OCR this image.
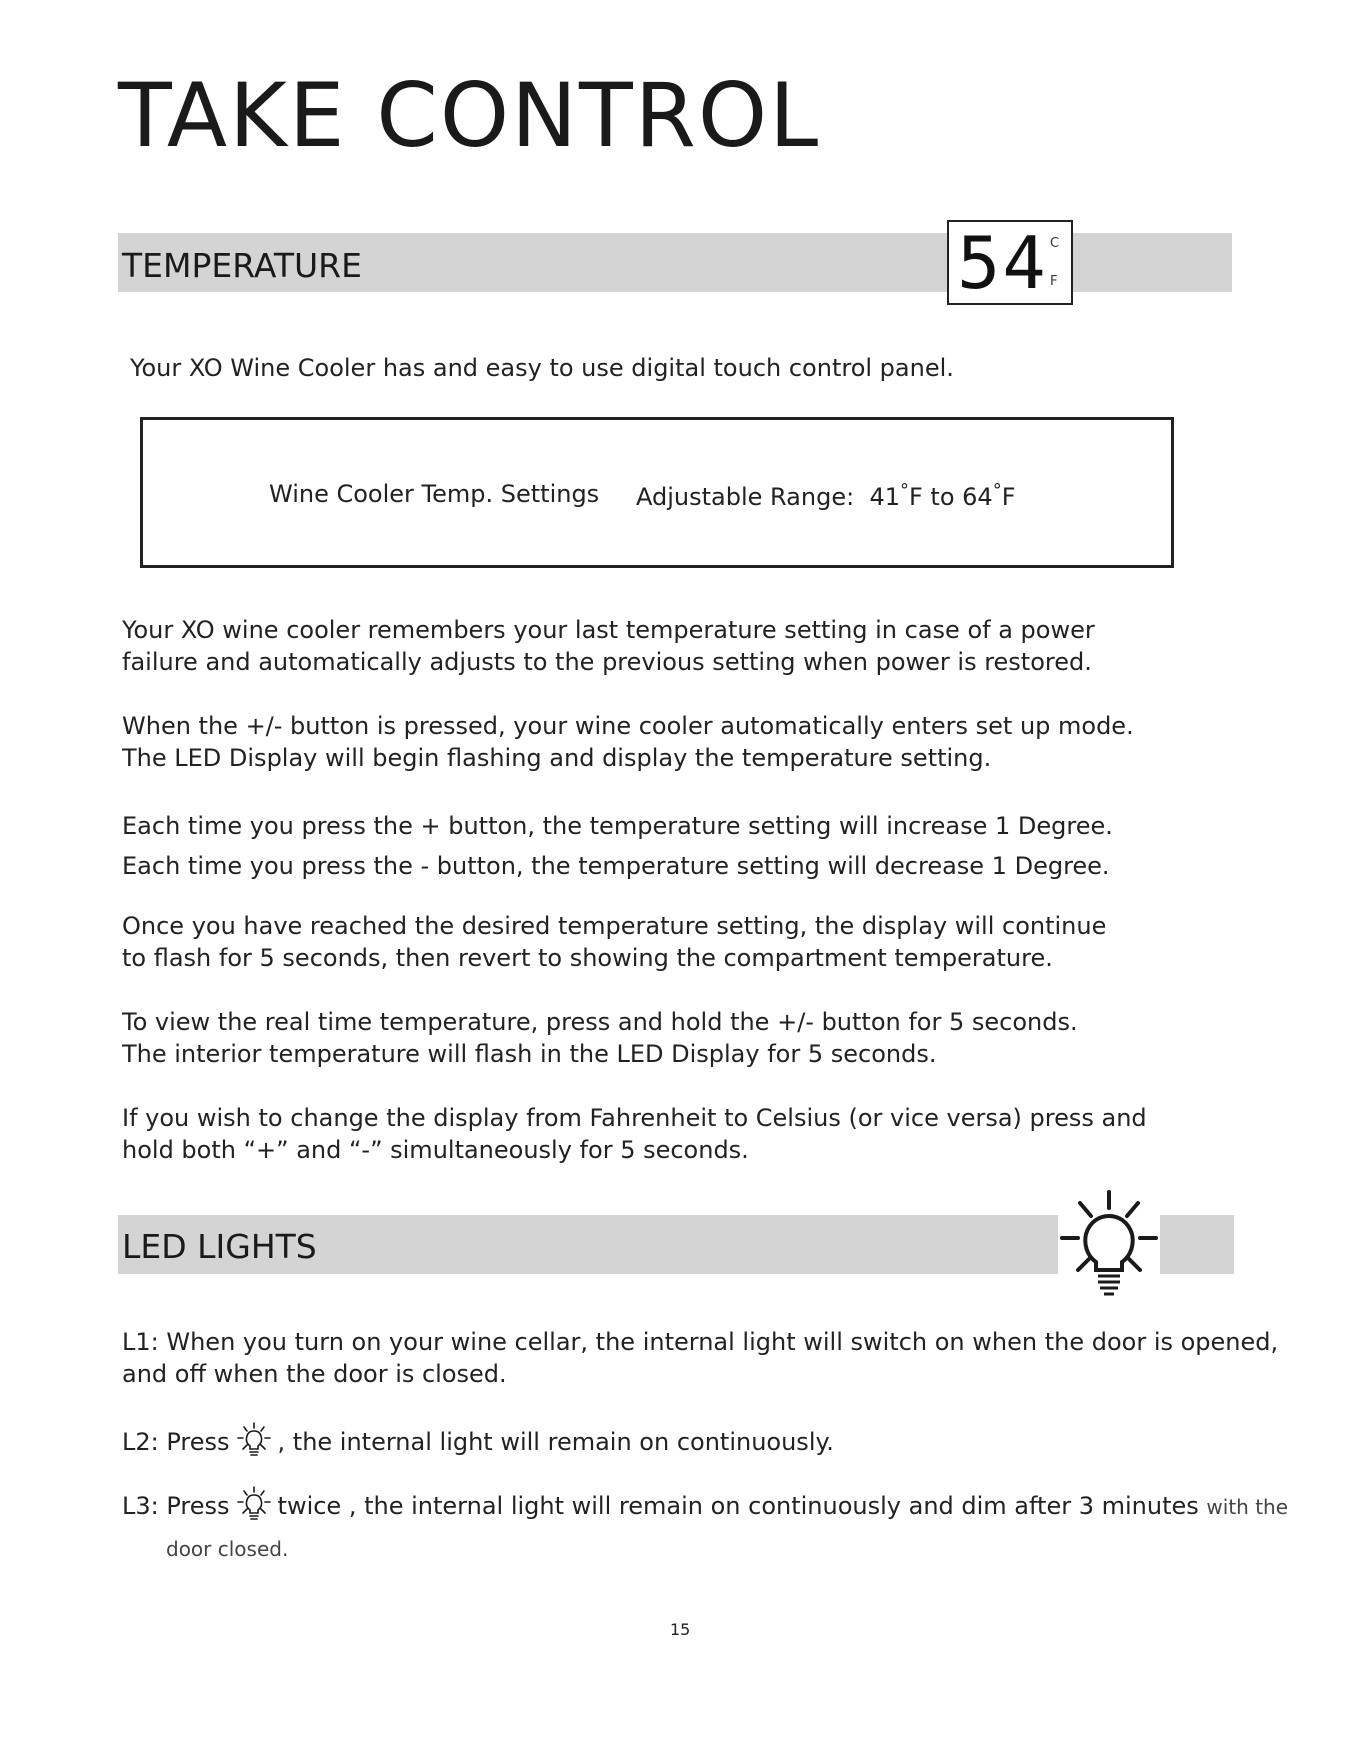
TAKE CONTROL
TEMPERATURE	54 C
F
Your XO Wine Cooler has and easy to use digital touch control panel.
Wine Cooler Temp. Settings Adjustable Range: 41°F to 64°F
Your XO wine cooler remembers your last temperature setting in case of a power
failure and automatically adjusts to the previous setting when power is restored.
When the +/- button is pressed, your wine cooler automatically enters set up mode.
The LED Display will begin flashing and display the temperature setting.
Each time you press the + button, the temperature setting will increase 1 Degree.
Each time you press the - button, the temperature setting will decrease 1 Degree.
Once you have reached the desired temperature setting, the display will continue
to flash for 5 seconds, then revert to showing the compartment temperature.
To view the real time temperature, press and hold the +/- button for 5 seconds.
The interior temperature will flash in the LED Display for 5 seconds.
If you wish to change the display from Fahrenheit to Celsius (or vice versa) press and
hold both “+” and “-” simultaneously for 5 seconds.
LED LIGHTS
L1: When you turn on your wine cellar, the internal light will switch on when the door is opened,
and off when the door is closed.
L2: Press , the internal light will remain on continuously.
L3: Press twice , the internal light will remain on continuously and dim after 3 minutes with the
door closed.
15
